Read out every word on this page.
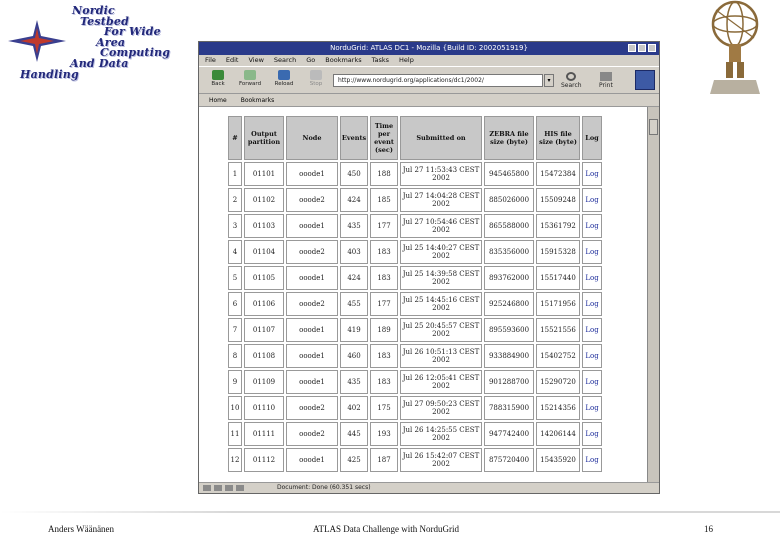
Nordic
Testbed
For Wide
Area
Computing
And Data
Handling
NorduGrid: ATLAS DC1 - Mozilla {Build ID: 2002051919}
File Edit View Search Go Bookmarks Tasks Help
Back	Forward	Reload	Stop	http://www.nordugrid.org/applications/dc1/2002/	▾
Search	Print
Home Bookmarks
#	Output partition	Node	Events	Time per event (sec)	Submitted on	ZEBRA file size (byte)	HIS file size (byte)	Log
1	01101	ooode1	450	188	Jul 27 11:53:43 CEST 2002	945465800	15472384	Log
2	01102	ooode2	424	185	Jul 27 14:04:28 CEST 2002	885026000	15509248	Log
3	01103	ooode1	435	177	Jul 27 10:54:46 CEST 2002	865588000	15361792	Log
4	01104	ooode2	403	183	Jul 25 14:40:27 CEST 2002	835356000	15915328	Log
5	01105	ooode1	424	183	Jul 25 14:39:58 CEST 2002	893762000	15517440	Log
6	01106	ooode2	455	177	Jul 25 14:45:16 CEST 2002	925246800	15171956	Log
7	01107	ooode1	419	189	Jul 25 20:45:57 CEST 2002	895593600	15521556	Log
8	01108	ooode1	460	183	Jul 26 10:51:13 CEST 2002	933884900	15402752	Log
9	01109	ooode1	435	183	Jul 26 12:05:41 CEST 2002	901288700	15290720	Log
10	01110	ooode2	402	175	Jul 27 09:50:23 CEST 2002	788315900	15214356	Log
11	01111	ooode2	445	193	Jul 26 14:25:55 CEST 2002	947742400	14206144	Log
12	01112	ooode1	425	187	Jul 26 15:42:07 CEST 2002	875720400	15435920	Log
Document: Done (60.351 secs)
Anders Wäänänen	ATLAS Data Challenge with NorduGrid	16
